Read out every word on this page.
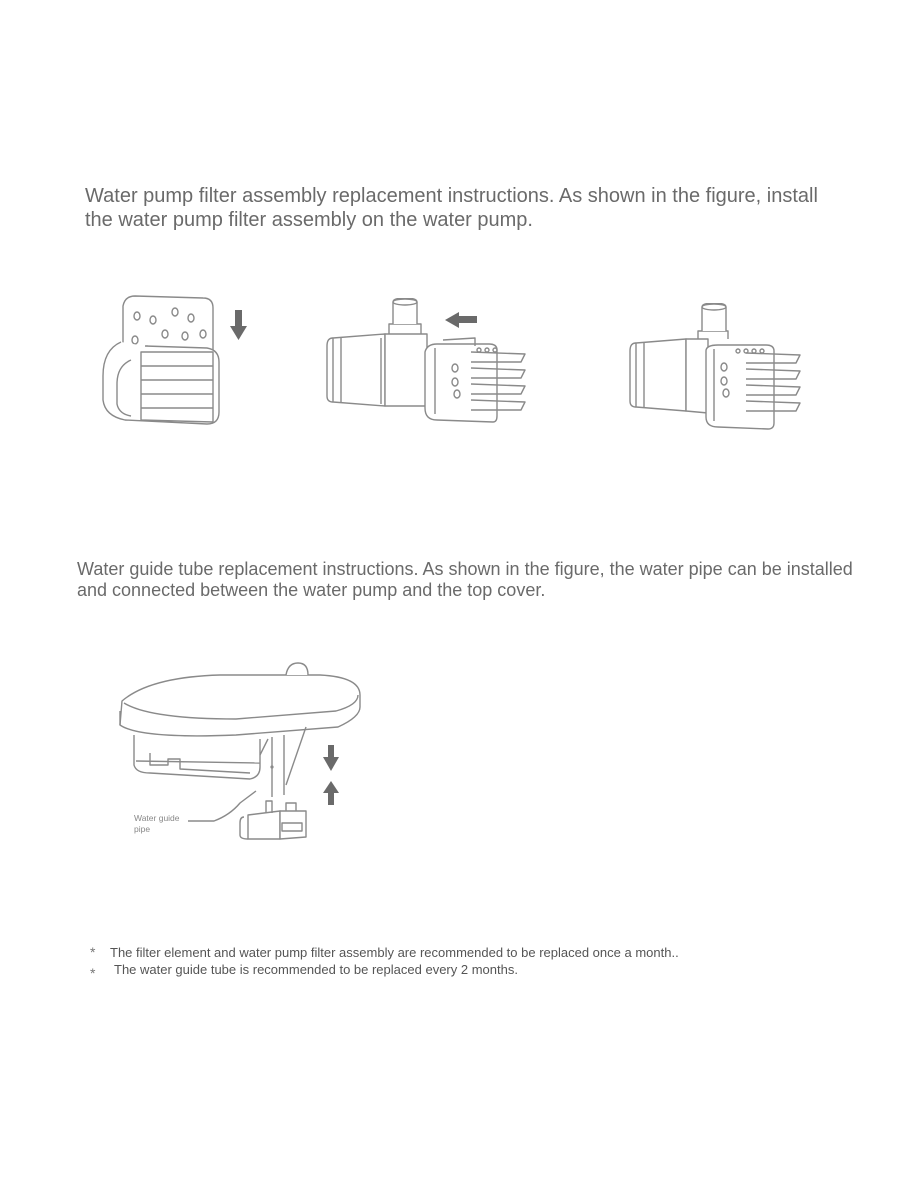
Water pump filter assembly replacement instructions. As shown in the figure, install the water pump filter assembly on the water pump.
Water guide tube replacement instructions. As shown in the figure, the water pipe can be installed and connected between the water pump and the top cover.
Water guide
pipe
* The filter element and water pump filter assembly are recommended to be replaced once a month..
* The water guide tube is recommended to be replaced every 2 months.
